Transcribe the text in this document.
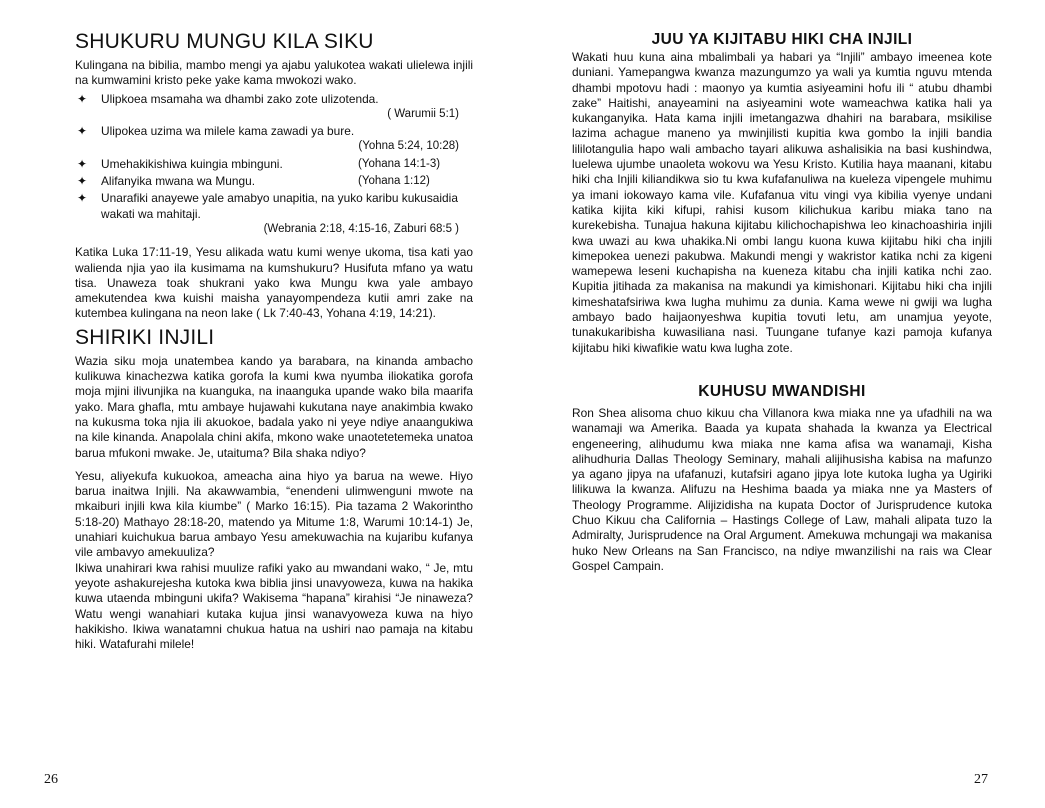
SHUKURU MUNGU KILA SIKU

Kulingana na bibilia, mambo mengi ya ajabu yalukotea wakati ulielewa injili na kumwamini kristo peke yake kama mwokozi wako.

✦ Ulipkoea msamaha wa dhambi zako zote ulizotenda.
( Warumii 5:1)
✦ Ulipokea uzima wa milele kama zawadi ya bure.
(Yohna 5:24, 10:28)
✦ Umehakikishiwa kuingia mbinguni.	(Yohana 14:1-3)
✦ Alifanyika mwana wa Mungu.	(Yohana 1:12)
✦ Unarafiki anayewe yale amabyo unapitia, na yuko karibu kukusaidia wakati wa mahitaji.
(Webrania 2:18, 4:15-16, Zaburi 68:5 )

Katika Luka 17:11-19, Yesu alikada watu kumi wenye ukoma, tisa kati yao walienda njia yao ila kusimama na kumshukuru? Husifuta mfano ya watu tisa. Unaweza toak shukrani yako kwa Mungu kwa yale ambayo amekutendea kwa kuishi maisha yanayompendeza kutii amri zake na kutembea kulingana na neon lake ( Lk 7:40-43, Yohana 4:19, 14:21).

SHIRIKI INJILI

Wazia siku moja unatembea kando ya barabara, na kinanda ambacho kulikuwa kinachezwa katika gorofa la kumi kwa nyumba iliokatika gorofa moja mjini ilivunjika na kuanguka, na inaanguka upande wako bila maarifa yako. Mara ghafla, mtu ambaye hujawahi kukutana naye anakimbia kwako na kukusma toka njia ili akuokoe, badala yako ni yeye ndiye anaangukiwa na kile kinanda. Anapolala chini akifa, mkono wake unaotetetemeka unatoa barua mfukoni mwake. Je, utaituma? Bila shaka ndiyo?

Yesu, aliyekufa kukuokoa, ameacha aina hiyo ya barua na wewe. Hiyo barua inaitwa Injili. Na akawwambia, “enendeni ulimwenguni mwote na mkaiburi injili kwa kila kiumbe” ( Marko 16:15). Pia tazama 2 Wakorintho 5:18-20) Mathayo 28:18-20, matendo ya Mitume 1:8, Warumi 10:14-1) Je, unahiari kuichukua barua ambayo Yesu amekuwachia na kujaribu kufanya vile ambavyo amekuuliza?

Ikiwa unahirari kwa rahisi muulize rafiki yako au mwandani wako, “ Je, mtu yeyote ashakurejesha kutoka kwa biblia jinsi unavyoweza, kuwa na hakika kuwa utaenda mbinguni ukifa? Wakisema “hapana” kirahisi “Je ninaweza? Watu wengi wanahiari kutaka kujua jinsi wanavyoweza kuwa na hiyo hakikisho. Ikiwa wanatamni chukua hatua na ushiri nao pamaja na kitabu hiki. Watafurahi milele!

26
JUU YA KIJITABU HIKI CHA INJILI

Wakati huu kuna aina mbalimbali ya habari ya “Injili” ambayo imeenea kote duniani. Yamepangwa kwanza mazungumzo ya wali ya kumtia nguvu mtenda dhambi mpotovu hadi : maonyo ya kumtia asiyeamini hofu ili “ atubu dhambi zake” Haitishi, anayeamini na asiyeamini wote wameachwa katika hali ya kukanganyika. Hata kama injili imetangazwa dhahiri na barabara, msikilise lazima achague maneno ya mwinjilisti kupitia kwa gombo la injili bandia lililotangulia hapo wali ambacho tayari alikuwa ashalisikia na basi kushindwa, luelewa ujumbe unaoleta wokovu wa Yesu Kristo. Kutilia haya maanani, kitabu hiki cha Injili kiliandikwa sio tu kwa kufafanuliwa na kueleza vipengele muhimu ya imani iokowayo kama vile. Kufafanua vitu vingi vya kibilia vyenye undani katika kijita kiki kifupi, rahisi kusom kilichukua karibu miaka tano na kurekebisha. Tunajua hakuna kijitabu kilichochapishwa leo kinachoashiria injili kwa uwazi au kwa uhakika.Ni ombi langu kuona kuwa kijitabu hiki cha injili kimepokea uenezi pakubwa. Makundi mengi y wakristor katika nchi za kigeni wamepewa leseni kuchapisha na kueneza kitabu cha injili katika nchi zao. Kupitia jitihada za makanisa na makundi ya kimishonari. Kijitabu hiki cha injili kimeshatafsiriwa kwa lugha muhimu za dunia. Kama wewe ni gwiji wa lugha ambayo bado haijaonyeshwa kupitia tovuti letu, am unamjua yeyote, tunakukaribisha kuwasiliana nasi. Tuungane tufanye kazi pamoja kufanya kijitabu hiki kiwafikie watu kwa lugha zote.

KUHUSU MWANDISHI

Ron Shea alisoma chuo kikuu cha Villanora kwa miaka nne ya ufadhili na wa wanamaji wa Amerika. Baada ya kupata shahada la kwanza ya Electrical engeneering, alihudumu kwa miaka nne kama afisa wa wanamaji, Kisha alihudhuria Dallas Theology Seminary, mahali alijihusisha kabisa na mafunzo ya agano jipya na ufafanuzi, kutafsiri agano jipya lote kutoka lugha ya Ugiriki lilikuwa la kwanza. Alifuzu na Heshima baada ya miaka nne ya Masters of Theology Programme. Alijizidisha na kupata Doctor of Jurisprudence kutoka Chuo Kikuu cha California – Hastings College of Law, mahali alipata tuzo la Admiralty, Jurisprudence na Oral Argument. Amekuwa mchungaji wa makanisa huko New Orleans na San Francisco, na ndiye mwanzilishi na rais wa Clear Gospel Campain.

27
